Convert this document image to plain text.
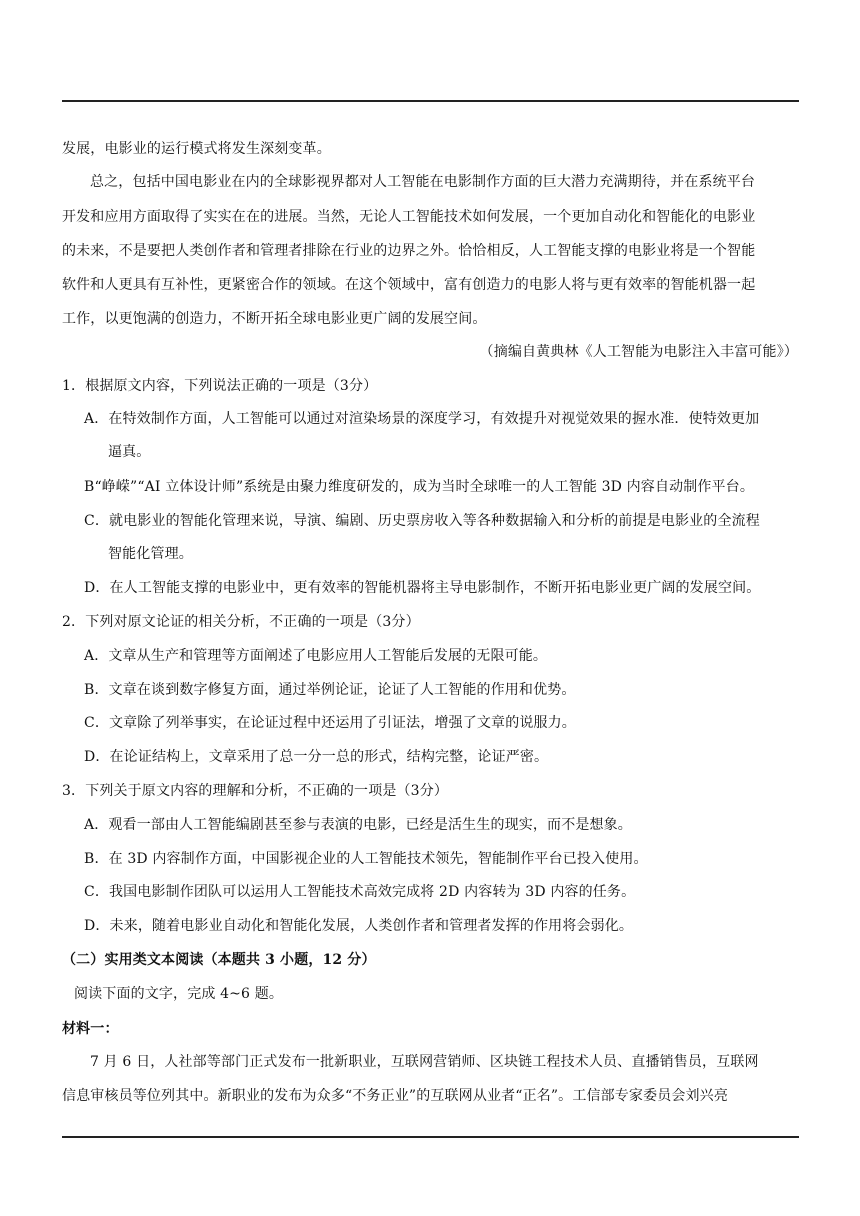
发展，电影业的运行模式将发生深刻变革。
总之，包括中国电影业在内的全球影视界都对人工智能在电影制作方面的巨大潜力充满期待，并在系统平台
开发和应用方面取得了实实在在的进展。当然，无论人工智能技术如何发展，一个更加自动化和智能化的电影业
的未来，不是要把人类创作者和管理者排除在行业的边界之外。恰恰相反，人工智能支撑的电影业将是一个智能
软件和人更具有互补性，更紧密合作的领域。在这个领域中，富有创造力的电影人将与更有效率的智能机器一起
工作，以更饱满的创造力，不断开拓全球电影业更广阔的发展空间。
（摘编自黄典林《人工智能为电影注入丰富可能》）
1．根据原文内容，下列说法正确的一项是（3分）
A．在特效制作方面，人工智能可以通过对渲染场景的深度学习，有效提升对视觉效果的握水准．使特效更加
逼真。
B“峥嵘”“AI 立体设计师”系统是由聚力维度研发的，成为当时全球唯一的人工智能 3D 内容自动制作平台。
C．就电影业的智能化管理来说，导演、编剧、历史票房收入等各种数据输入和分析的前提是电影业的全流程
智能化管理。
D．在人工智能支撑的电影业中，更有效率的智能机器将主导电影制作，不断开拓电影业更广阔的发展空间。
2．下列对原文论证的相关分析，不正确的一项是（3分）
A．文章从生产和管理等方面阐述了电影应用人工智能后发展的无限可能。
B．文章在谈到数字修复方面，通过举例论证，论证了人工智能的作用和优势。
C．文章除了列举事实，在论证过程中还运用了引证法，增强了文章的说服力。
D．在论证结构上，文章采用了总一分一总的形式，结构完整，论证严密。
3．下列关于原文内容的理解和分析，不正确的一项是（3分）
A．观看一部由人工智能编剧甚至参与表演的电影，已经是活生生的现实，而不是想象。
B．在 3D 内容制作方面，中国影视企业的人工智能技术领先，智能制作平台已投入使用。
C．我国电影制作团队可以运用人工智能技术高效完成将 2D 内容转为 3D 内容的任务。
D．未来，随着电影业自动化和智能化发展，人类创作者和管理者发挥的作用将会弱化。
（二）实用类文本阅读（本题共 3 小题，12 分）
阅读下面的文字，完成 4~6 题。
材料一：
7 月 6 日，人社部等部门正式发布一批新职业，互联网营销师、区块链工程技术人员、直播销售员，互联网
信息审核员等位列其中。新职业的发布为众多“不务正业”的互联网从业者“正名”。工信部专家委员会刘兴亮
